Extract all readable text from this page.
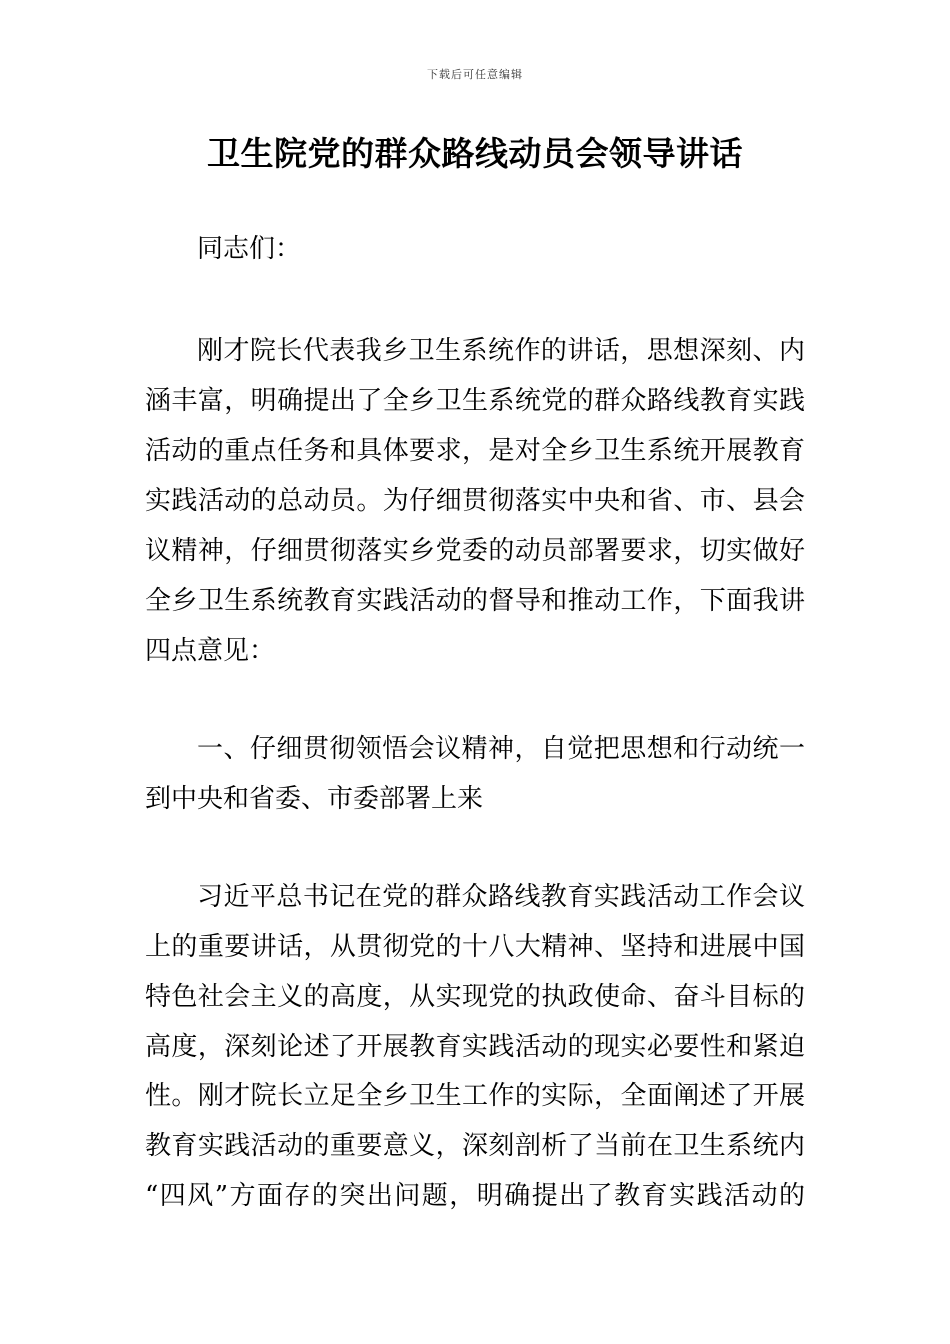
下载后可任意编辑
卫生院党的群众路线动员会领导讲话
同志们：
刚才院长代表我乡卫生系统作的讲话，思想深刻、内
涵丰富，明确提出了全乡卫生系统党的群众路线教育实践
活动的重点任务和具体要求，是对全乡卫生系统开展教育
实践活动的总动员。为仔细贯彻落实中央和省、市、县会
议精神，仔细贯彻落实乡党委的动员部署要求，切实做好
全乡卫生系统教育实践活动的督导和推动工作，下面我讲
四点意见：
一、仔细贯彻领悟会议精神，自觉把思想和行动统一
到中央和省委、市委部署上来
习近平总书记在党的群众路线教育实践活动工作会议
上的重要讲话，从贯彻党的十八大精神、坚持和进展中国
特色社会主义的高度，从实现党的执政使命、奋斗目标的
高度，深刻论述了开展教育实践活动的现实必要性和紧迫
性。刚才院长立足全乡卫生工作的实际，全面阐述了开展
教育实践活动的重要意义，深刻剖析了当前在卫生系统内
“四风”方面存的突出问题，明确提出了教育实践活动的
